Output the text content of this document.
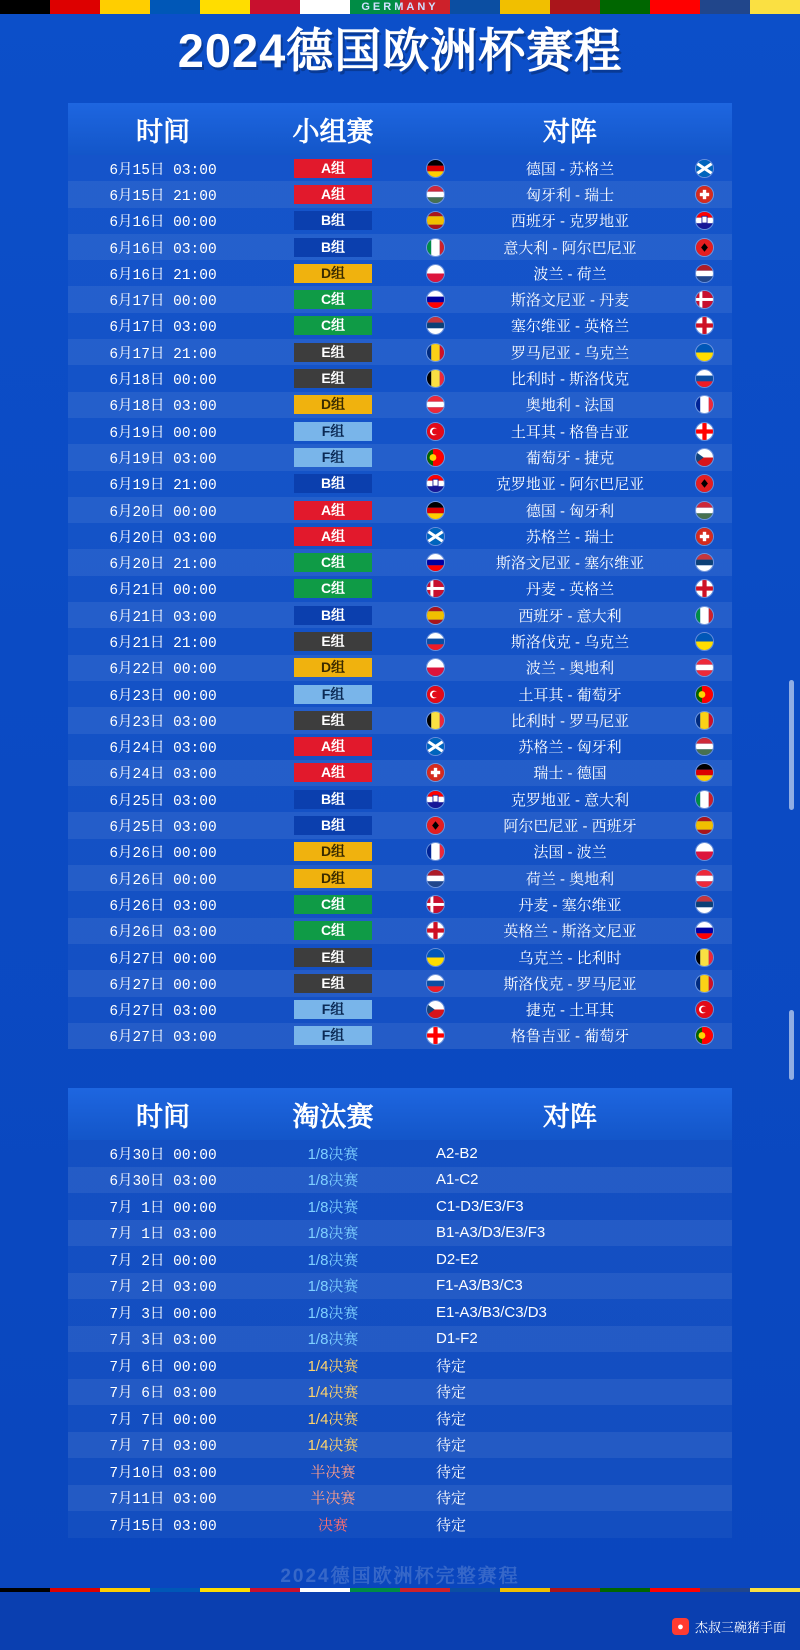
GERMANY
2024德国欧洲杯赛程
时间	小组赛	对阵
6月15日 03:00	A组	德国 - 苏格兰
6月15日 21:00	A组	匈牙利 - 瑞士
6月16日 00:00	B组	西班牙 - 克罗地亚
6月16日 03:00	B组	意大利 - 阿尔巴尼亚
6月16日 21:00	D组	波兰 - 荷兰
6月17日 00:00	C组	斯洛文尼亚 - 丹麦
6月17日 03:00	C组	塞尔维亚 - 英格兰
6月17日 21:00	E组	罗马尼亚 - 乌克兰
6月18日 00:00	E组	比利时 - 斯洛伐克
6月18日 03:00	D组	奥地利 - 法国
6月19日 00:00	F组	土耳其 - 格鲁吉亚
6月19日 03:00	F组	葡萄牙 - 捷克
6月19日 21:00	B组	克罗地亚 - 阿尔巴尼亚
6月20日 00:00	A组	德国 - 匈牙利
6月20日 03:00	A组	苏格兰 - 瑞士
6月20日 21:00	C组	斯洛文尼亚 - 塞尔维亚
6月21日 00:00	C组	丹麦 - 英格兰
6月21日 03:00	B组	西班牙 - 意大利
6月21日 21:00	E组	斯洛伐克 - 乌克兰
6月22日 00:00	D组	波兰 - 奥地利
6月23日 00:00	F组	土耳其 - 葡萄牙
6月23日 03:00	E组	比利时 - 罗马尼亚
6月24日 03:00	A组	苏格兰 - 匈牙利
6月24日 03:00	A组	瑞士 - 德国
6月25日 03:00	B组	克罗地亚 - 意大利
6月25日 03:00	B组	阿尔巴尼亚 - 西班牙
6月26日 00:00	D组	法国 - 波兰
6月26日 00:00	D组	荷兰 - 奥地利
6月26日 03:00	C组	丹麦 - 塞尔维亚
6月26日 03:00	C组	英格兰 - 斯洛文尼亚
6月27日 00:00	E组	乌克兰 - 比利时
6月27日 00:00	E组	斯洛伐克 - 罗马尼亚
6月27日 03:00	F组	捷克 - 土耳其
6月27日 03:00	F组	格鲁吉亚 - 葡萄牙
时间	淘汰赛	对阵
6月30日 00:00	1/8决赛	A2-B2
6月30日 03:00	1/8决赛	A1-C2
7月 1日 00:00	1/8决赛	C1-D3/E3/F3
7月 1日 03:00	1/8决赛	B1-A3/D3/E3/F3
7月 2日 00:00	1/8决赛	D2-E2
7月 2日 03:00	1/8决赛	F1-A3/B3/C3
7月 3日 00:00	1/8决赛	E1-A3/B3/C3/D3
7月 3日 03:00	1/8决赛	D1-F2
7月 6日 00:00	1/4决赛	待定
7月 6日 03:00	1/4决赛	待定
7月 7日 00:00	1/4决赛	待定
7月 7日 03:00	1/4决赛	待定
7月10日 03:00	半决赛	待定
7月11日 03:00	半决赛	待定
7月15日 03:00	决赛	待定
2024德国欧洲杯完整赛程
● 杰叔三碗猪手面
